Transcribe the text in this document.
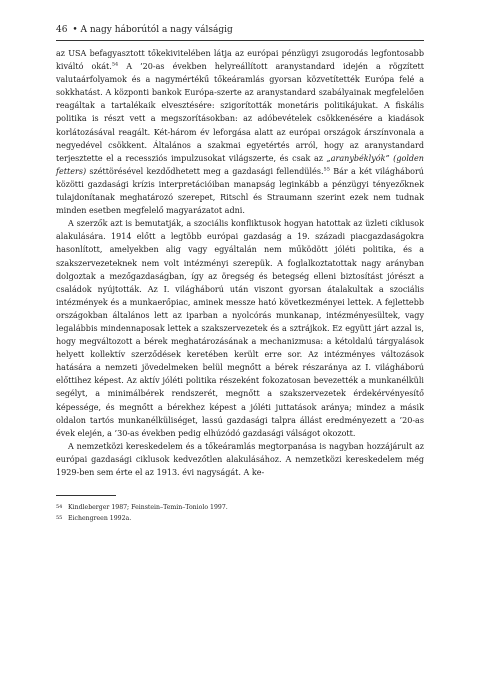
46 • A nagy háborútól a nagy válságig

az USA befagyasztott tőkekivitelében látja az európai pénzügyi zsugorodás legfontosabb kiváltó okát.$^{54}$ A ’20-as években helyreállított aranystandard idején a rögzített valutaárfolyamok és a nagymértékű tőkeáramlás gyorsan közvetítették Európa felé a sokkhatást. A központi bankok Európa-szerte az aranystandard szabályainak megfelelően reagáltak a tartalékaik elvesztésére: szigorították monetáris politikájukat. A fiskális politika is részt vett a megszorításokban: az adóbevételek csökkenésére a kiadások korlátozásával reagált. Két-három év leforgása alatt az európai országok árszínvonala a negyedével csökkent. Általános a szakmai egyetértés arról, hogy az aranystandard terjesztette el a recessziós impulzusokat világszerte, és csak az „aranybéklyók” (golden fetters) széttörésével kezdődhetett meg a gazdasági fellendülés.$^{55}$ Bár a két világháború közötti gazdasági krízis interpretációiban manapság leginkább a pénzügyi tényezőknek tulajdonítanak meghatározó szerepet, Ritschl és Straumann szerint ezek nem tudnak minden esetben megfelelő magyarázatot adni.

A szerzők azt is bemutatják, a szociális konfliktusok hogyan hatottak az üzleti ciklusok alakulására. 1914 előtt a legtöbb európai gazdaság a 19. századi piacgazdaságokra hasonlított, amelyekben alig vagy egyáltalán nem működött jóléti politika, és a szakszervezeteknek nem volt intézményi szerepük. A foglalkoztatottak nagy arányban dolgoztak a mezőgazdaságban, így az öregség és betegség elleni biztosítást jórészt a családok nyújtották. Az I. világháború után viszont gyorsan átalakultak a szociális intézmények és a munkaerőpiac, aminek messze ható következményei lettek. A fejlettebb országokban általános lett az iparban a nyolcórás munkanap, intézményesültek, vagy legalábbis mindennaposak lettek a szakszervezetek és a sztrájkok. Ez együtt járt azzal is, hogy megváltozott a bérek meghatározásának a mechanizmusa: a kétoldalú tárgyalások helyett kollektív szerződések keretében került erre sor. Az intézményes változások hatására a nemzeti jövedelmeken belül megnőtt a bérek részaránya az I. világháború előttihez képest. Az aktív jóléti politika részeként fokozatosan bevezették a munkanélküli segélyt, a minimálbérek rendszerét, megnőtt a szakszervezetek érdekérvényesítő képessége, és megnőtt a bérekhez képest a jóléti juttatások aránya; mindez a másik oldalon tartós munkanélküliséget, lassú gazdasági talpra állást eredményezett a ’20-as évek elején, a ’30-as években pedig elhúzódó gazdasági válságot okozott.

A nemzetközi kereskedelem és a tőkeáramlás megtorpanása is nagyban hozzájárult az európai gazdasági ciklusok kedvezőtlen alakulásához. A nemzetközi kereskedelem még 1929-ben sem érte el az 1913. évi nagyságát. A ke-

54 Kindleberger 1987; Feinstein–Temin–Toniolo 1997.
55 Eichengreen 1992a.
